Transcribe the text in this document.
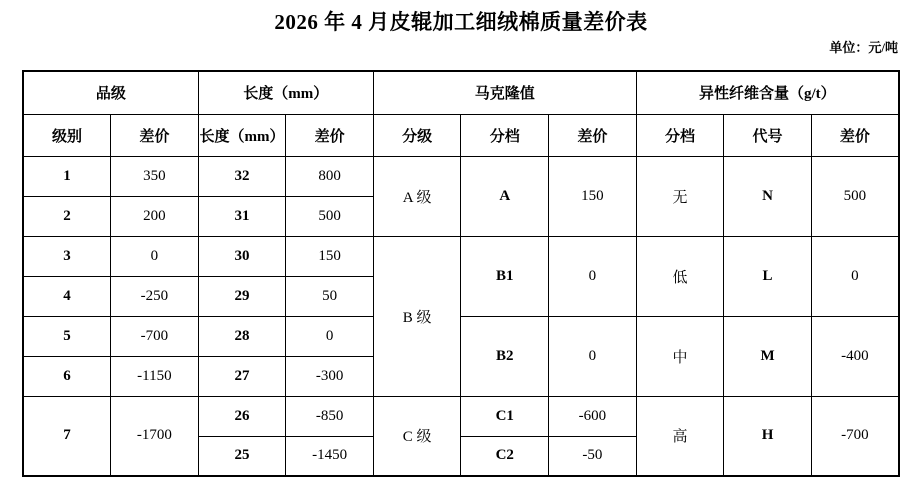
2026 年 4 月皮辊加工细绒棉质量差价表
单位：元/吨
品级		长度（mm）		马克隆值			异性纤维含量（g/t）		
级别	差价	长度（mm）	差价	分级	分档	差价	分档	代号	差价
1	350	32	800	A 级	A	150	无	N	500
2	200	31	500						
3	0	30	150	B 级	B1	0	低	L	0
4	-250	29	50						
5	-700	28	0		B2	0	中	M	-400
6	-1150	27	-300						
7	-1700	26	-850	C 级	C1	-600	高	H	-700
		25	-1450		C2	-50			
